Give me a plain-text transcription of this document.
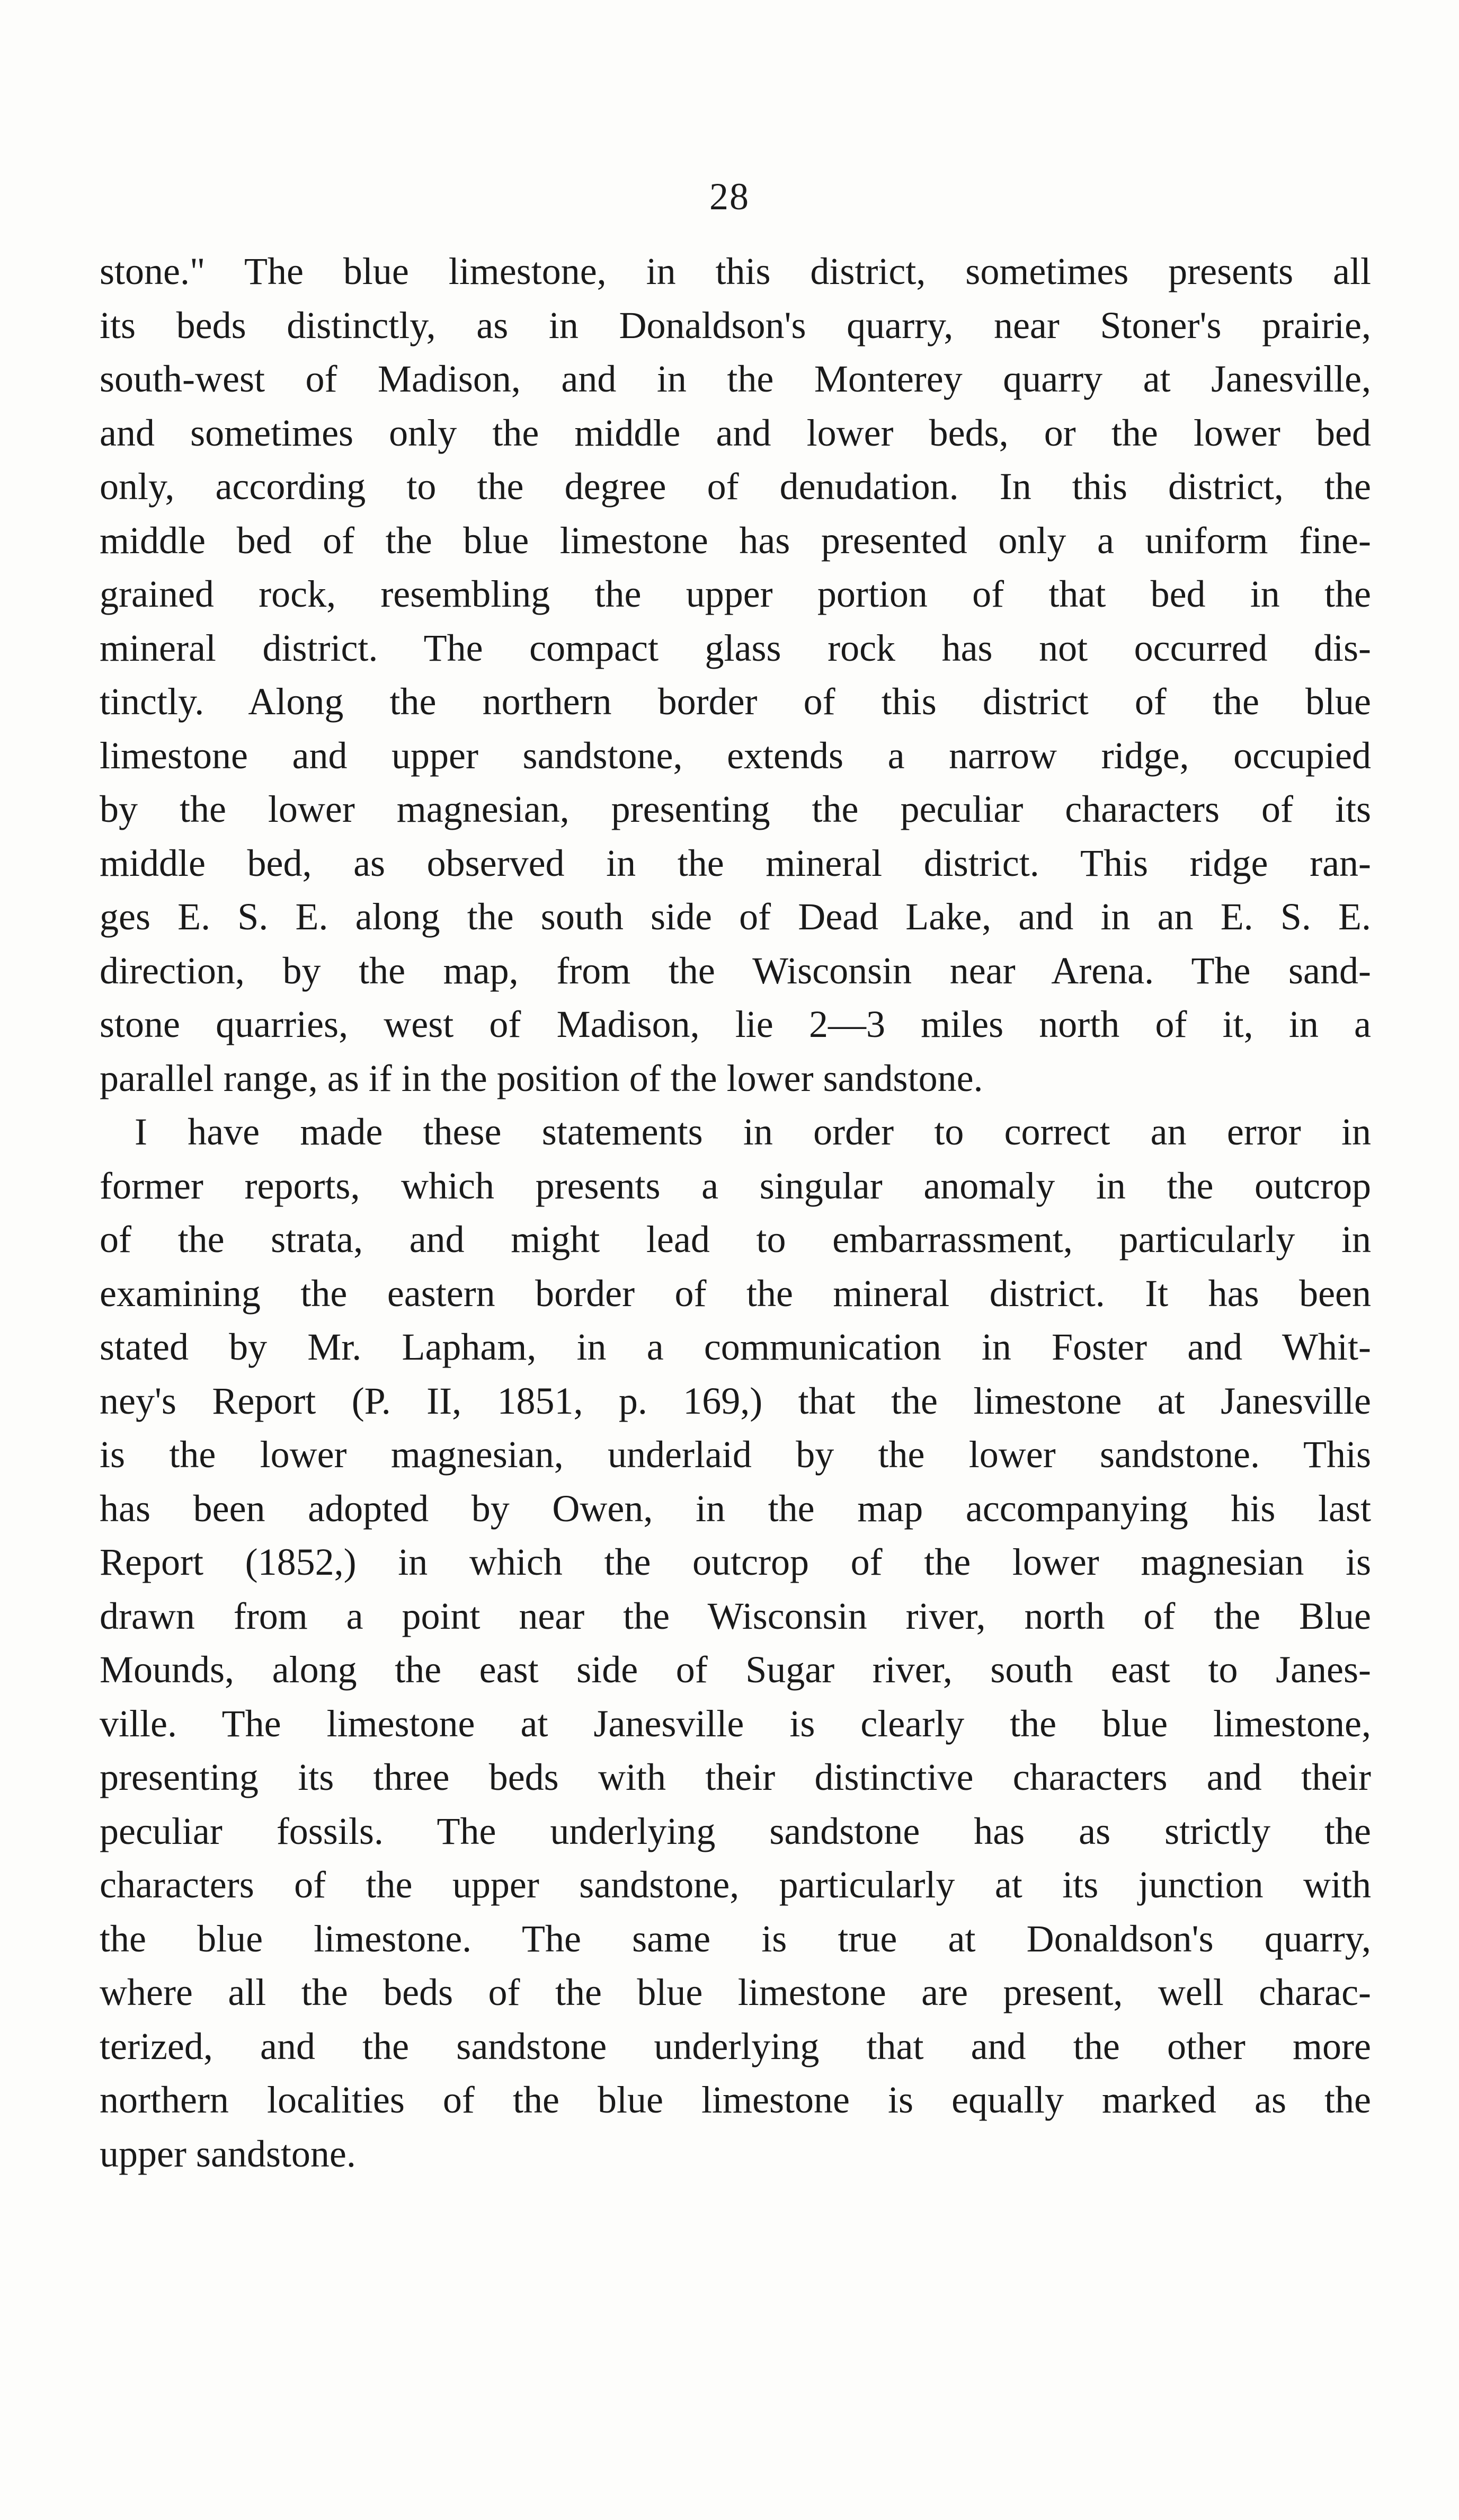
28
stone." The blue limestone, in this district, sometimes presents all
its beds distinctly, as in Donaldson's quarry, near Stoner's prairie,
south-west of Madison, and in the Monterey quarry at Janesville,
and sometimes only the middle and lower beds, or the lower bed
only, according to the degree of denudation. In this district, the
middle bed of the blue limestone has presented only a uniform fine-
grained rock, resembling the upper portion of that bed in the
mineral district. The compact glass rock has not occurred dis-
tinctly. Along the northern border of this district of the blue
limestone and upper sandstone, extends a narrow ridge, occupied
by the lower magnesian, presenting the peculiar characters of its
middle bed, as observed in the mineral district. This ridge ran-
ges E. S. E. along the south side of Dead Lake, and in an E. S. E.
direction, by the map, from the Wisconsin near Arena. The sand-
stone quarries, west of Madison, lie 2—3 miles north of it, in a
parallel range, as if in the position of the lower sandstone.
I have made these statements in order to correct an error in
former reports, which presents a singular anomaly in the outcrop
of the strata, and might lead to embarrassment, particularly in
examining the eastern border of the mineral district. It has been
stated by Mr. Lapham, in a communication in Foster and Whit-
ney's Report (P. II, 1851, p. 169,) that the limestone at Janesville
is the lower magnesian, underlaid by the lower sandstone. This
has been adopted by Owen, in the map accompanying his last
Report (1852,) in which the outcrop of the lower magnesian is
drawn from a point near the Wisconsin river, north of the Blue
Mounds, along the east side of Sugar river, south east to Janes-
ville. The limestone at Janesville is clearly the blue limestone,
presenting its three beds with their distinctive characters and their
peculiar fossils. The underlying sandstone has as strictly the
characters of the upper sandstone, particularly at its junction with
the blue limestone. The same is true at Donaldson's quarry,
where all the beds of the blue limestone are present, well charac-
terized, and the sandstone underlying that and the other more
northern localities of the blue limestone is equally marked as the
upper sandstone.
